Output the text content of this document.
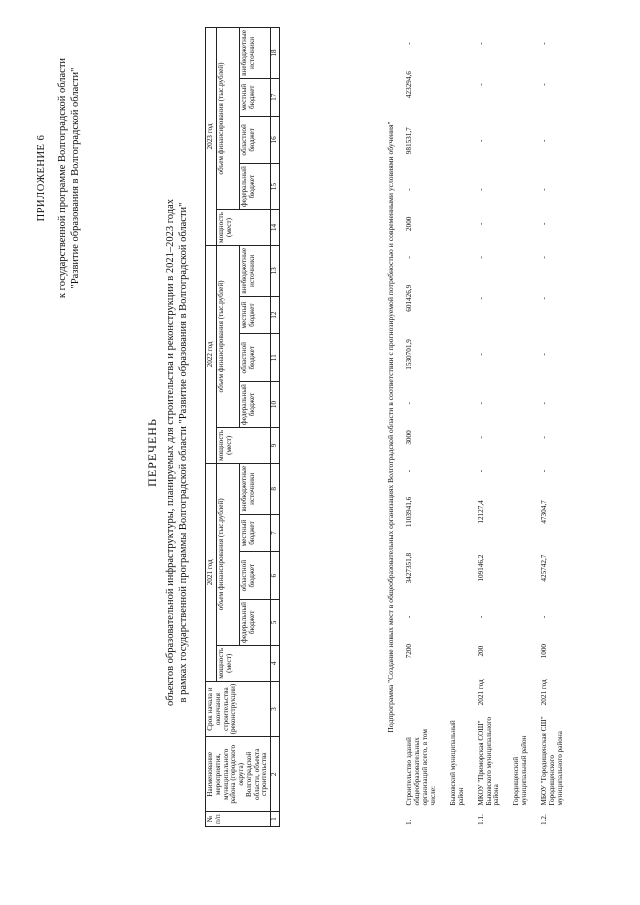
ПРИЛОЖЕНИЕ 6 к государственной программе Волгоградской области "Развитие образования в Волгоградской области"
ПЕРЕЧЕНЬ объектов образовательной инфраструктуры, планируемых для строительства и реконструкции в 2021–2023 годах в рамках государственной программы Волгоградской области "Развитие образования в Волгоградской области"
№ п/п	Наименование мероприятия, муниципального района (городского округа) Волгоградской области, объекта строительства	Срок начала и окончания строительства (реконструкции)	2021 год					2022 год					2023 год				
			мощность (мест)	объем финансирования (тыс.рублей)				мощность (мест)	объем финансирования (тыс.рублей)				мощность (мест)	объем финансирования (тыс.рублей)			
				федеральный бюджет	областной бюджет	местный бюджет	внебюджетные источники		федеральный бюджет	областной бюджет	местный бюджет	внебюджетные источники		федеральный бюджет	областной бюджет	местный бюджет	внебюджетные источники

1	2	3	4	5	6	7	8	9	10	11	12	13	14	15	16	17	18
Подпрограмма "Создание новых мест в общеобразовательных организациях Волгоградской области в соответствии с прогнозируемой потребностью и современными условиями обучения"																	
1.	Строительство зданий общеобразовательных организаций всего, в том числе:		7200	-	3427351,8	1103941,6	-	3000	-	1530701,9	601426,9	-	2000	-	981531,7	423294,6	-

	Быковский муниципальный район																

1.1.	МКОУ "Приморская СОШ" Быковского муниципального района	2021 год	200	-	109146,2	12127,4	-	-	-	-	-	-	-	-	-	-	-

	Городищенский муниципальный район																

1.2.	МБОУ "Городищенская СШ" Городищенского муниципального района	2021 год	1000	-	425742,7	47304,7	-	-	-	-	-	-	-	-	-	-	-
